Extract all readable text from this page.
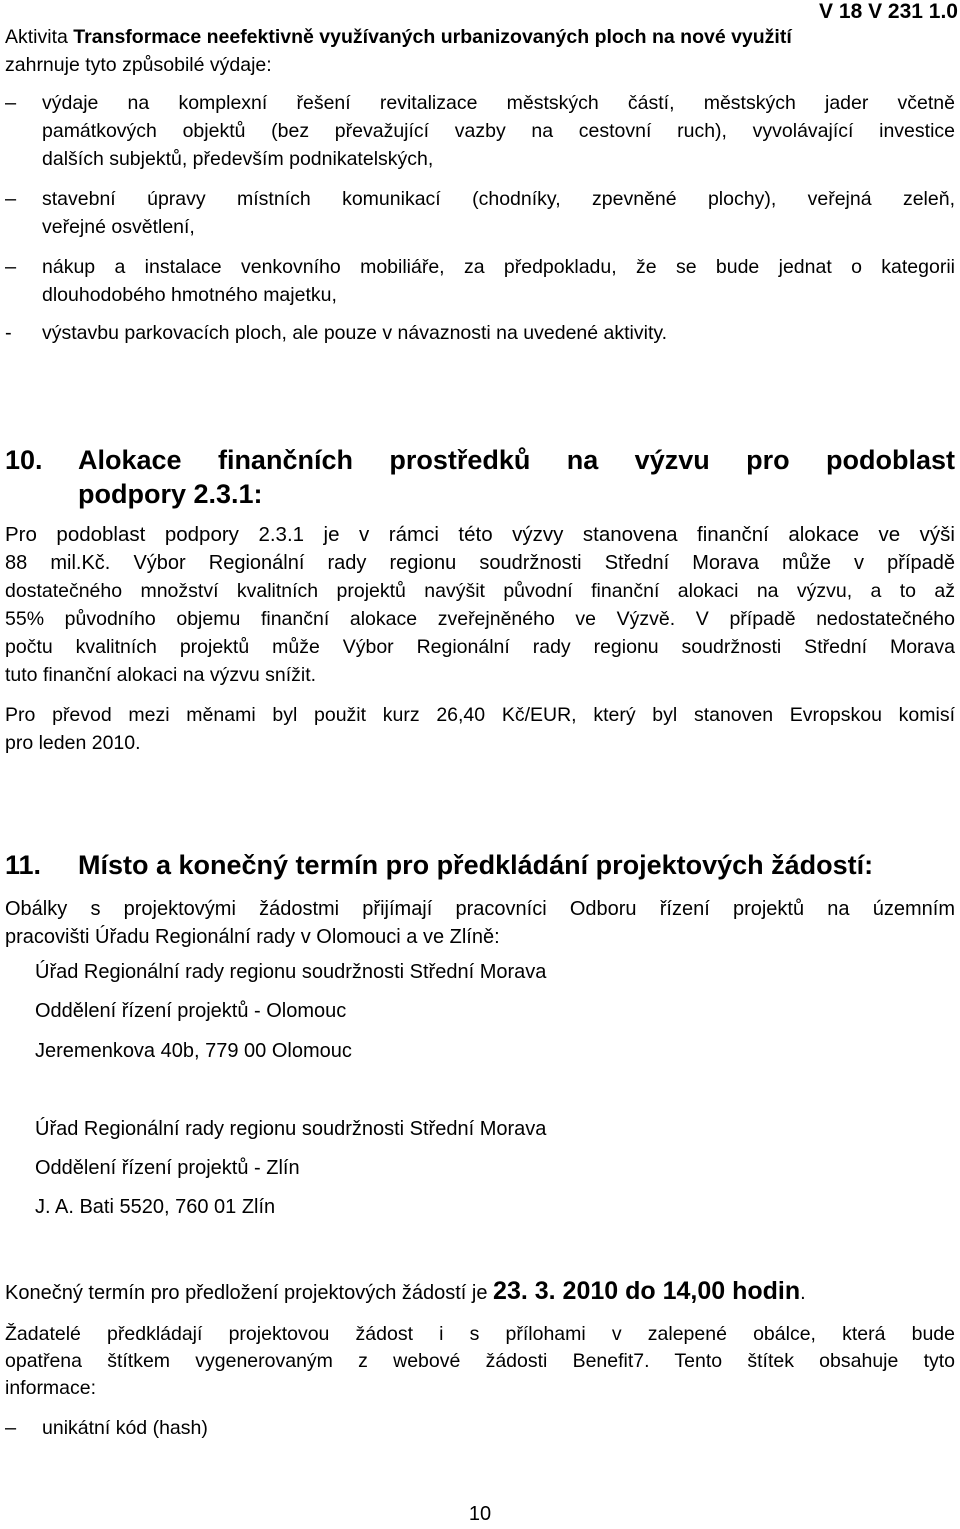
V 18 V 231 1.0
Aktivita Transformace neefektivně využívaných urbanizovaných ploch na nové využití
zahrnuje tyto způsobilé výdaje:
–	výdaje na komplexní řešení revitalizace městských částí, městských jader včetně
památkových objektů (bez převažující vazby na cestovní ruch), vyvolávající investice
dalších subjektů, především podnikatelských,
–	stavební úpravy místních komunikací (chodníky, zpevněné plochy), veřejná zeleň,
veřejné osvětlení,
–	nákup a instalace venkovního mobiliáře, za předpokladu, že se bude jednat o kategorii
dlouhodobého hmotného majetku,
-	výstavbu parkovacích ploch, ale pouze v návaznosti na uvedené aktivity.
10. Alokace finančních prostředků na výzvu pro podoblast
podpory 2.3.1:
Pro podoblast podpory 2.3.1 je v rámci této výzvy stanovena finanční alokace ve výši
88 mil.Kč. Výbor Regionální rady regionu soudržnosti Střední Morava může v případě
dostatečného množství kvalitních projektů navýšit původní finanční alokaci na výzvu, a to až
55% původního objemu finanční alokace zveřejněného ve Výzvě. V případě nedostatečného
počtu kvalitních projektů může Výbor Regionální rady regionu soudržnosti Střední Morava
tuto finanční alokaci na výzvu snížit.
Pro převod mezi měnami byl použit kurz 26,40 Kč/EUR, který byl stanoven Evropskou komisí
pro leden 2010.
11. Místo a konečný termín pro předkládání projektových žádostí:
Obálky s projektovými žádostmi přijímají pracovníci Odboru řízení projektů na územním
pracovišti Úřadu Regionální rady v Olomouci a ve Zlíně:
Úřad Regionální rady regionu soudržnosti Střední Morava
Oddělení řízení projektů - Olomouc
Jeremenkova 40b, 779 00 Olomouc
Úřad Regionální rady regionu soudržnosti Střední Morava
Oddělení řízení projektů - Zlín
J. A. Bati 5520, 760 01 Zlín
Konečný termín pro předložení projektových žádostí je 23. 3. 2010 do 14,00 hodin.
Žadatelé předkládají projektovou žádost i s přílohami v zalepené obálce, která bude
opatřena štítkem vygenerovaným z webové žádosti Benefit7. Tento štítek obsahuje tyto
informace:
–	unikátní kód (hash)
10
